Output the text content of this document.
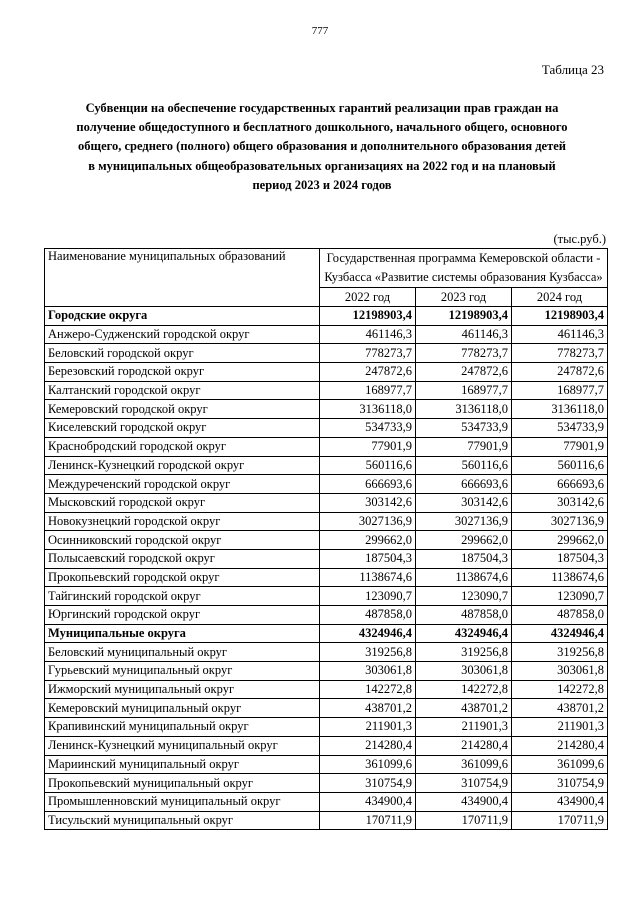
777
Таблица 23
Субвенции на обеспечение государственных гарантий реализации прав граждан на
получение общедоступного и бесплатного дошкольного, начального общего, основного
общего, среднего (полного) общего образования и дополнительного образования детей
в муниципальных общеобразовательных организациях на 2022 год и на плановый
период 2023 и 2024 годов
(тыс.руб.)
Наименование муниципальных образований	Государственная программа Кемеровской области - Кузбасса «Развитие системы образования Кузбасса»		
	2022 год	2023 год	2024 год
Городские округа	12198903,4	12198903,4	12198903,4
Анжеро-Судженский городской округ	461146,3	461146,3	461146,3
Беловский городской округ	778273,7	778273,7	778273,7
Березовский городской округ	247872,6	247872,6	247872,6
Калтанский городской округ	168977,7	168977,7	168977,7
Кемеровский городской округ	3136118,0	3136118,0	3136118,0
Киселевский городской округ	534733,9	534733,9	534733,9
Краснобродский городской округ	77901,9	77901,9	77901,9
Ленинск-Кузнецкий городской округ	560116,6	560116,6	560116,6
Междуреченский городской округ	666693,6	666693,6	666693,6
Мысковский городской округ	303142,6	303142,6	303142,6
Новокузнецкий городской округ	3027136,9	3027136,9	3027136,9
Осинниковский городской округ	299662,0	299662,0	299662,0
Полысаевский городской округ	187504,3	187504,3	187504,3
Прокопьевский городской округ	1138674,6	1138674,6	1138674,6
Тайгинский городской округ	123090,7	123090,7	123090,7
Юргинский городской округ	487858,0	487858,0	487858,0
Муниципальные округа	4324946,4	4324946,4	4324946,4
Беловский муниципальный округ	319256,8	319256,8	319256,8
Гурьевский муниципальный округ	303061,8	303061,8	303061,8
Ижморский муниципальный округ	142272,8	142272,8	142272,8
Кемеровский муниципальный округ	438701,2	438701,2	438701,2
Крапивинский муниципальный округ	211901,3	211901,3	211901,3
Ленинск-Кузнецкий муниципальный округ	214280,4	214280,4	214280,4
Мариинский муниципальный округ	361099,6	361099,6	361099,6
Прокопьевский муниципальный округ	310754,9	310754,9	310754,9
Промышленновский муниципальный округ	434900,4	434900,4	434900,4
Тисульский муниципальный округ	170711,9	170711,9	170711,9
